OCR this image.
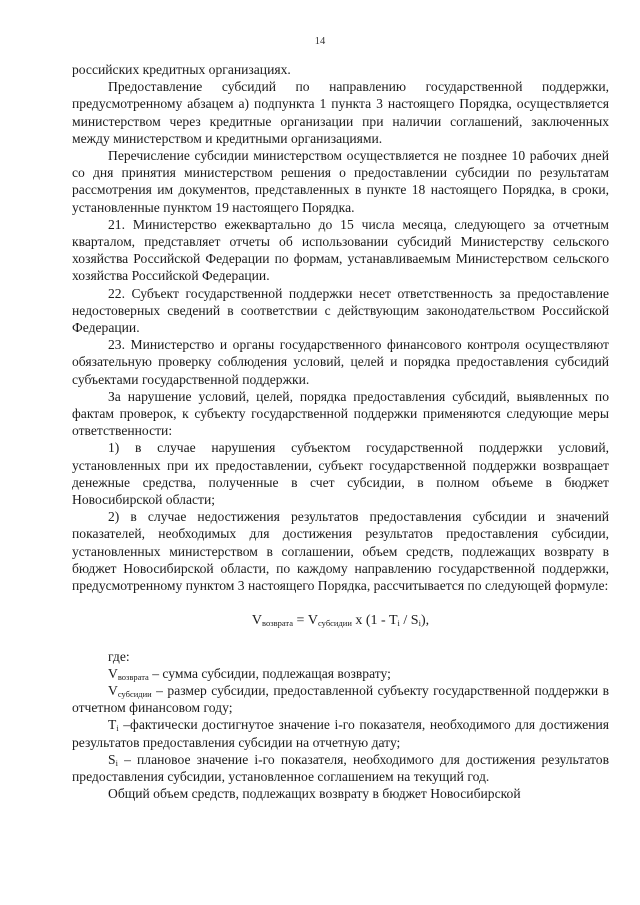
14

российских кредитных организациях.

Предоставление субсидий по направлению государственной поддержки, предусмотренному абзацем а) подпункта 1 пункта 3 настоящего Порядка, осуществляется министерством через кредитные организации при наличии соглашений, заключенных между министерством и кредитными организациями.

Перечисление субсидии министерством осуществляется не позднее 10 рабочих дней со дня принятия министерством решения о предоставлении субсидии по результатам рассмотрения им документов, представленных в пункте 18 настоящего Порядка, в сроки, установленные пунктом 19 настоящего Порядка.

21. Министерство ежеквартально до 15 числа месяца, следующего за отчетным кварталом, представляет отчеты об использовании субсидий Министерству сельского хозяйства Российской Федерации по формам, устанавливаемым Министерством сельского хозяйства Российской Федерации.

22. Субъект государственной поддержки несет ответственность за предоставление недостоверных сведений в соответствии с действующим законодательством Российской Федерации.

23. Министерство и органы государственного финансового контроля осуществляют обязательную проверку соблюдения условий, целей и порядка предоставления субсидий субъектами государственной поддержки.

За нарушение условий, целей, порядка предоставления субсидий, выявленных по фактам проверок, к субъекту государственной поддержки применяются следующие меры ответственности:

1) в случае нарушения субъектом государственной поддержки условий, установленных при их предоставлении, субъект государственной поддержки возвращает денежные средства, полученные в счет субсидии, в полном объеме в бюджет Новосибирской области;

2) в случае недостижения результатов предоставления субсидии и значений показателей, необходимых для достижения результатов предоставления субсидии, установленных министерством в соглашении, объем средств, подлежащих возврату в бюджет Новосибирской области, по каждому направлению государственной поддержки, предусмотренному пунктом 3 настоящего Порядка, рассчитывается по следующей формуле:

$V_{возврата} = V_{субсидии}$ x $(1 - T_i / S_i)$,

где:

$V_{возврата}$ – сумма субсидии, подлежащая возврату;

$V_{субсидии}$ – размер субсидии, предоставленной субъекту государственной поддержки в отчетном финансовом году;

$T_i$ –фактически достигнутое значение i-го показателя, необходимого для достижения результатов предоставления субсидии на отчетную дату;

$S_i$ – плановое значение i-го показателя, необходимого для достижения результатов предоставления субсидии, установленное соглашением на текущий год.

Общий объем средств, подлежащих возврату в бюджет Новосибирской
